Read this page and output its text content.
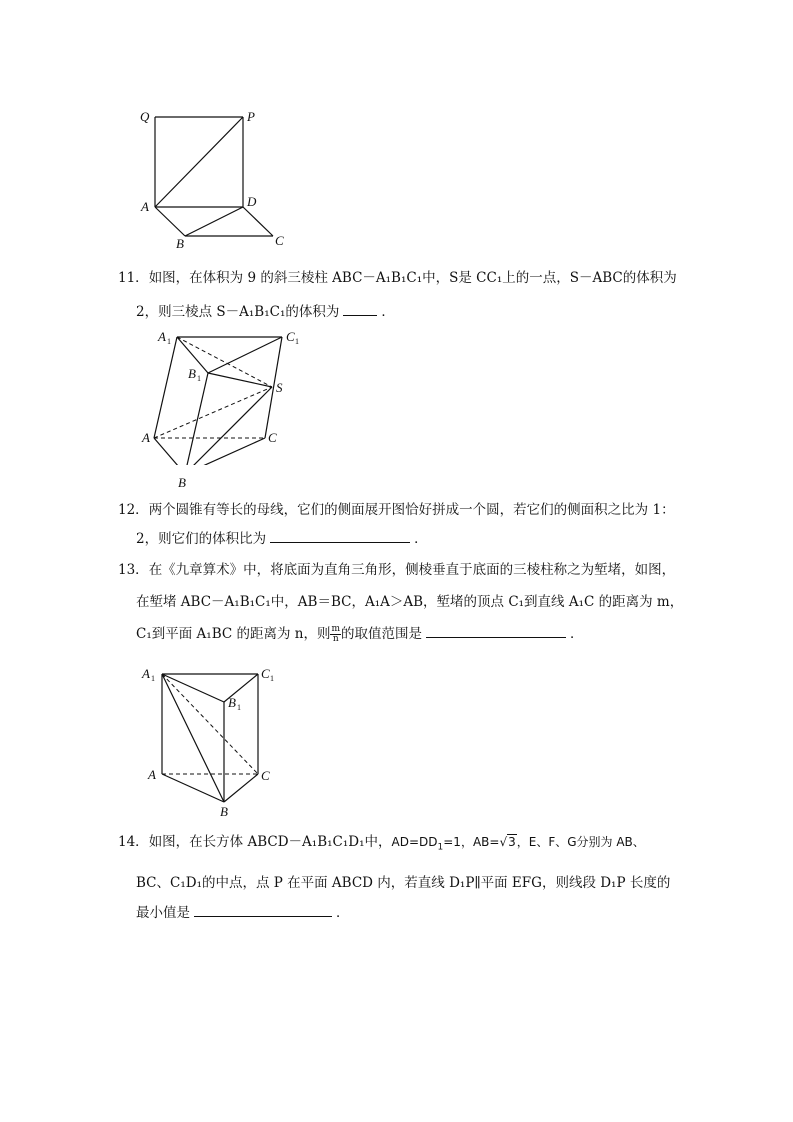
Q	P
A	D
B	C
11．如图，在体积为 9 的斜三棱柱 ABC－A₁B₁C₁中，S是 CC₁上的一点，S－ABC的体积为
2，则三棱点 S－A₁B₁C₁的体积为	．
A 1	C 1
B 1
S
A	C
B
12．两个圆锥有等长的母线，它们的侧面展开图恰好拼成一个圆，若它们的侧面积之比为 1：
2，则它们的体积比为	．
13．在《九章算术》中，将底面为直角三角形，侧棱垂直于底面的三棱柱称之为堑堵，如图，
在堑堵 ABC－A₁B₁C₁中，AB＝BC，A₁A＞AB，堑堵的顶点 C₁到直线 A₁C 的距离为 m，
C₁到平面 A₁BC 的距离为 n，则 $\frac{m}{n}$ 的取值范围是	．
A 1	C 1
B 1
A	C
B
14．如图，在长方体 ABCD－A₁B₁C₁D₁中，$AD=DD_1=1$，AB=√3，E、F、G分别为 AB、
BC、C₁D₁的中点，点 P 在平面 ABCD 内，若直线 D₁P∥平面 EFG，则线段 D₁P 长度的
最小值是	．
